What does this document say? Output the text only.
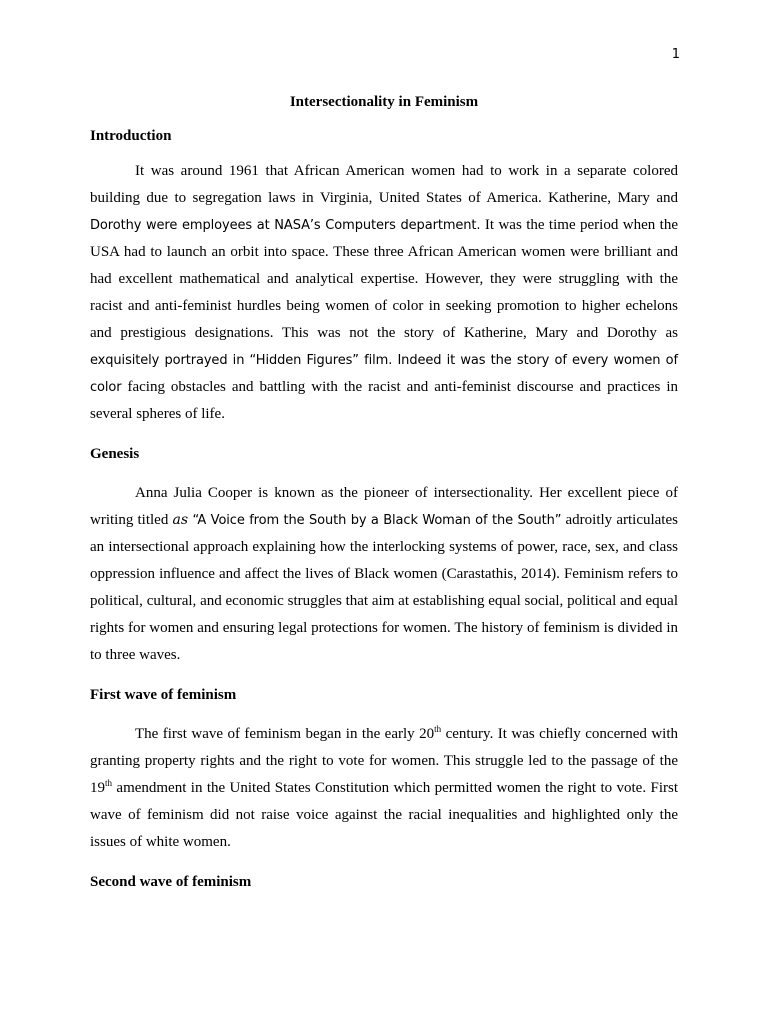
1
Intersectionality in Feminism
Introduction

It was around 1961 that African American women had to work in a separate colored building due to segregation laws in Virginia, United States of America. Katherine, Mary and Dorothy were employees at NASA’s Computers department. It was the time period when the USA had to launch an orbit into space. These three African American women were brilliant and had excellent mathematical and analytical expertise. However, they were struggling with the racist and anti-feminist hurdles being women of color in seeking promotion to higher echelons and prestigious designations. This was not the story of Katherine, Mary and Dorothy as exquisitely portrayed in “Hidden Figures” film. Indeed it was the story of every women of color facing obstacles and battling with the racist and anti-feminist discourse and practices in several spheres of life.

Genesis

Anna Julia Cooper is known as the pioneer of intersectionality. Her excellent piece of writing titled as “A Voice from the South by a Black Woman of the South” adroitly articulates an intersectional approach explaining how the interlocking systems of power, race, sex, and class oppression influence and affect the lives of Black women (Carastathis, 2014). Feminism refers to political, cultural, and economic struggles that aim at establishing equal social, political and equal rights for women and ensuring legal protections for women. The history of feminism is divided in to three waves.

First wave of feminism

The first wave of feminism began in the early 20th century. It was chiefly concerned with granting property rights and the right to vote for women. This struggle led to the passage of the 19th amendment in the United States Constitution which permitted women the right to vote. First wave of feminism did not raise voice against the racial inequalities and highlighted only the issues of white women.

Second wave of feminism
